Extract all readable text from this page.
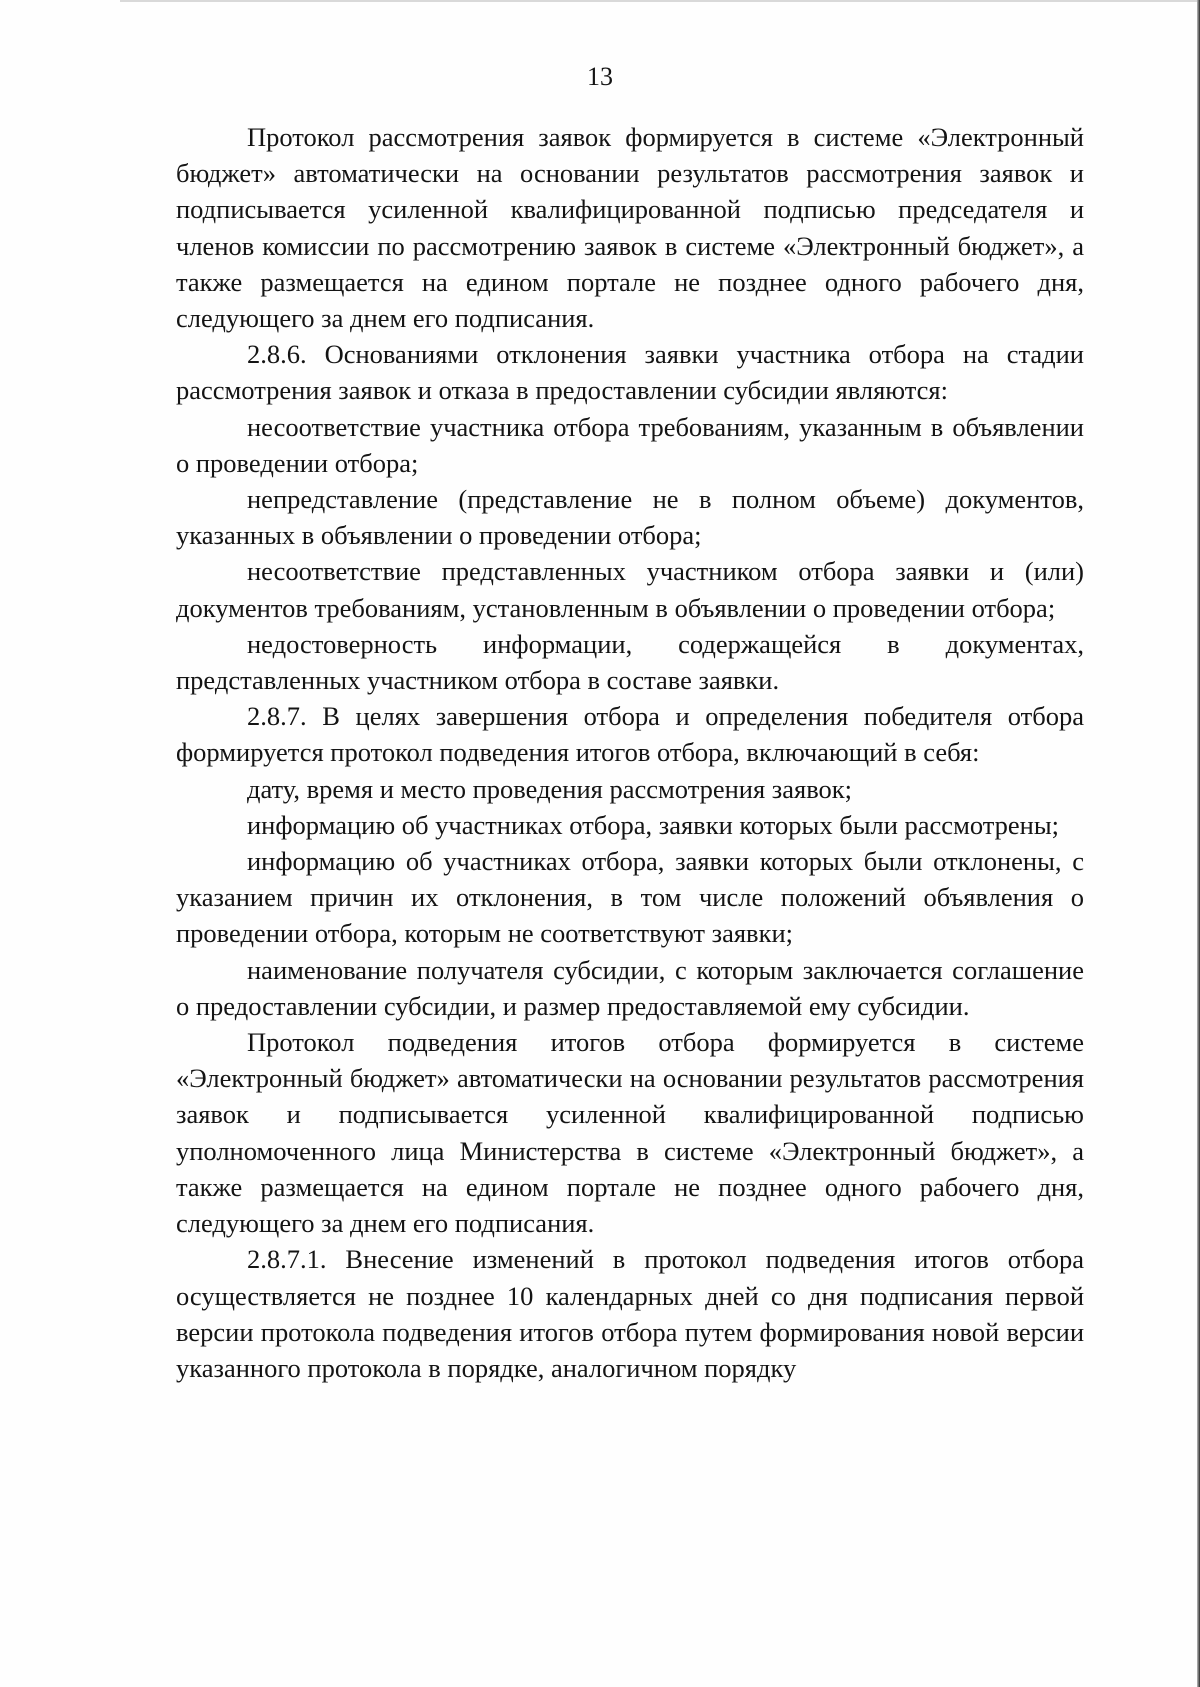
13

Протокол рассмотрения заявок формируется в системе «Электронный бюджет» автоматически на основании результатов рассмотрения заявок и подписывается усиленной квалифицированной подписью председателя и членов комиссии по рассмотрению заявок в системе «Электронный бюджет», а также размещается на едином портале не позднее одного рабочего дня, следующего за днем его подписания.

2.8.6. Основаниями отклонения заявки участника отбора на стадии рассмотрения заявок и отказа в предоставлении субсидии являются:

несоответствие участника отбора требованиям, указанным в объявлении о проведении отбора;

непредставление (представление не в полном объеме) документов, указанных в объявлении о проведении отбора;

несоответствие представленных участником отбора заявки и (или) документов требованиям, установленным в объявлении о проведении отбора;

недостоверность информации, содержащейся в документах, представленных участником отбора в составе заявки.

2.8.7. В целях завершения отбора и определения победителя отбора формируется протокол подведения итогов отбора, включающий в себя:

дату, время и место проведения рассмотрения заявок;

информацию об участниках отбора, заявки которых были рассмотрены;

информацию об участниках отбора, заявки которых были отклонены, с указанием причин их отклонения, в том числе положений объявления о проведении отбора, которым не соответствуют заявки;

наименование получателя субсидии, с которым заключается соглашение о предоставлении субсидии, и размер предоставляемой ему субсидии.

Протокол подведения итогов отбора формируется в системе «Электронный бюджет» автоматически на основании результатов рассмотрения заявок и подписывается усиленной квалифицированной подписью уполномоченного лица Министерства в системе «Электронный бюджет», а также размещается на едином портале не позднее одного рабочего дня, следующего за днем его подписания.

2.8.7.1. Внесение изменений в протокол подведения итогов отбора осуществляется не позднее 10 календарных дней со дня подписания первой версии протокола подведения итогов отбора путем формирования новой версии указанного протокола в порядке, аналогичном порядку
